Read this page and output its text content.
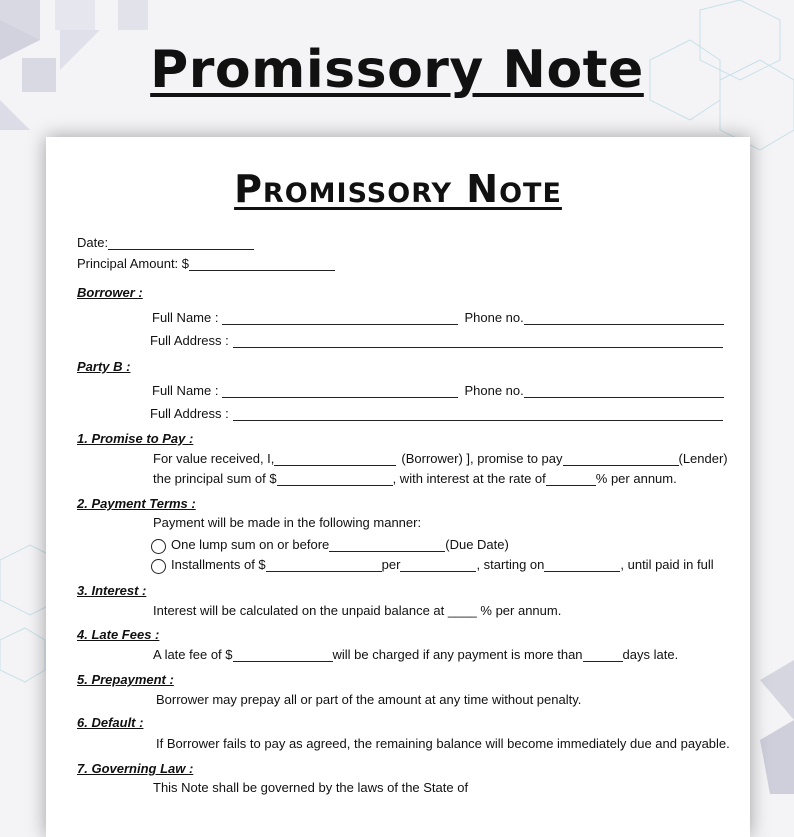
Promissory Note
Promissory Note
Date:
Principal Amount: $
Borrower :
Full Name :	Phone no.
Full Address :
Party B :
Full Name :	Phone no.
Full Address :
1. Promise to Pay :
For value received, I,	(Borrower) ], promise to pay	(Lender)
the principal sum of $	, with interest at the rate of	% per annum.
2. Payment Terms :
Payment will be made in the following manner:
One lump sum on or before	(Due Date)
Installments of $	per	, starting on	, until paid in full
3. Interest :
Interest will be calculated on the unpaid balance at ____ % per annum.
4. Late Fees :
A late fee of $	will be charged if any payment is more than	days late.
5. Prepayment :
Borrower may prepay all or part of the amount at any time without penalty.
6. Default :
If Borrower fails to pay as agreed, the remaining balance will become immediately due and payable.
7. Governing Law :
This Note shall be governed by the laws of the State of
